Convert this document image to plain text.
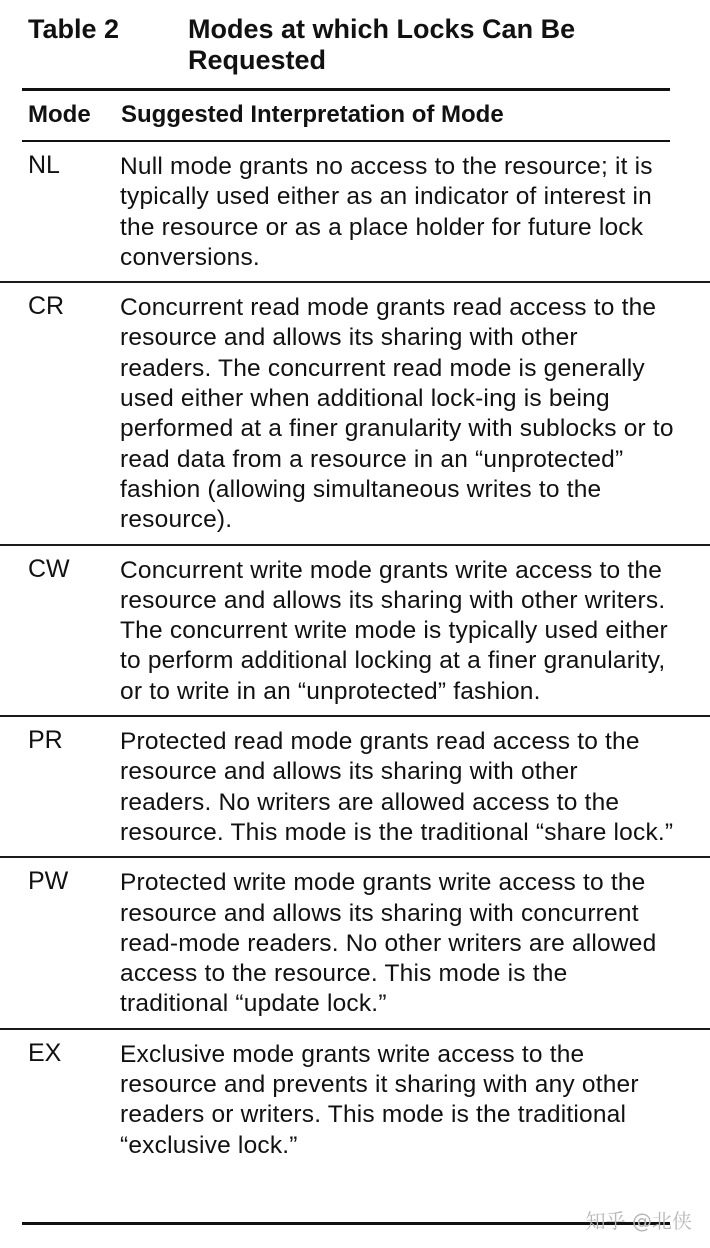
Table 2	Modes at which Locks Can Be Requested
Mode Suggested Interpretation of Mode
NL Null mode grants no access to the resource; it is typically used either as an indicator of interest in the resource or as a place holder for future lock conversions.
CR Concurrent read mode grants read access to the resource and allows its sharing with other readers. The concurrent read mode is generally used either when additional lock-ing is being performed at a finer granularity with sublocks or to read data from a resource in an “unprotected” fashion (allowing simultaneous writes to the resource).
CW Concurrent write mode grants write access to the resource and allows its sharing with other writers. The concurrent write mode is typically used either to perform additional locking at a finer granularity, or to write in an “unprotected” fashion.
PR Protected read mode grants read access to the resource and allows its sharing with other readers. No writers are allowed access to the resource. This mode is the traditional “share lock.”
PW Protected write mode grants write access to the resource and allows its sharing with concurrent read-mode readers. No other writers are allowed access to the resource. This mode is the traditional “update lock.”
EX Exclusive mode grants write access to the resource and prevents it sharing with any other readers or writers. This mode is the traditional “exclusive lock.”
知乎 @北侠
